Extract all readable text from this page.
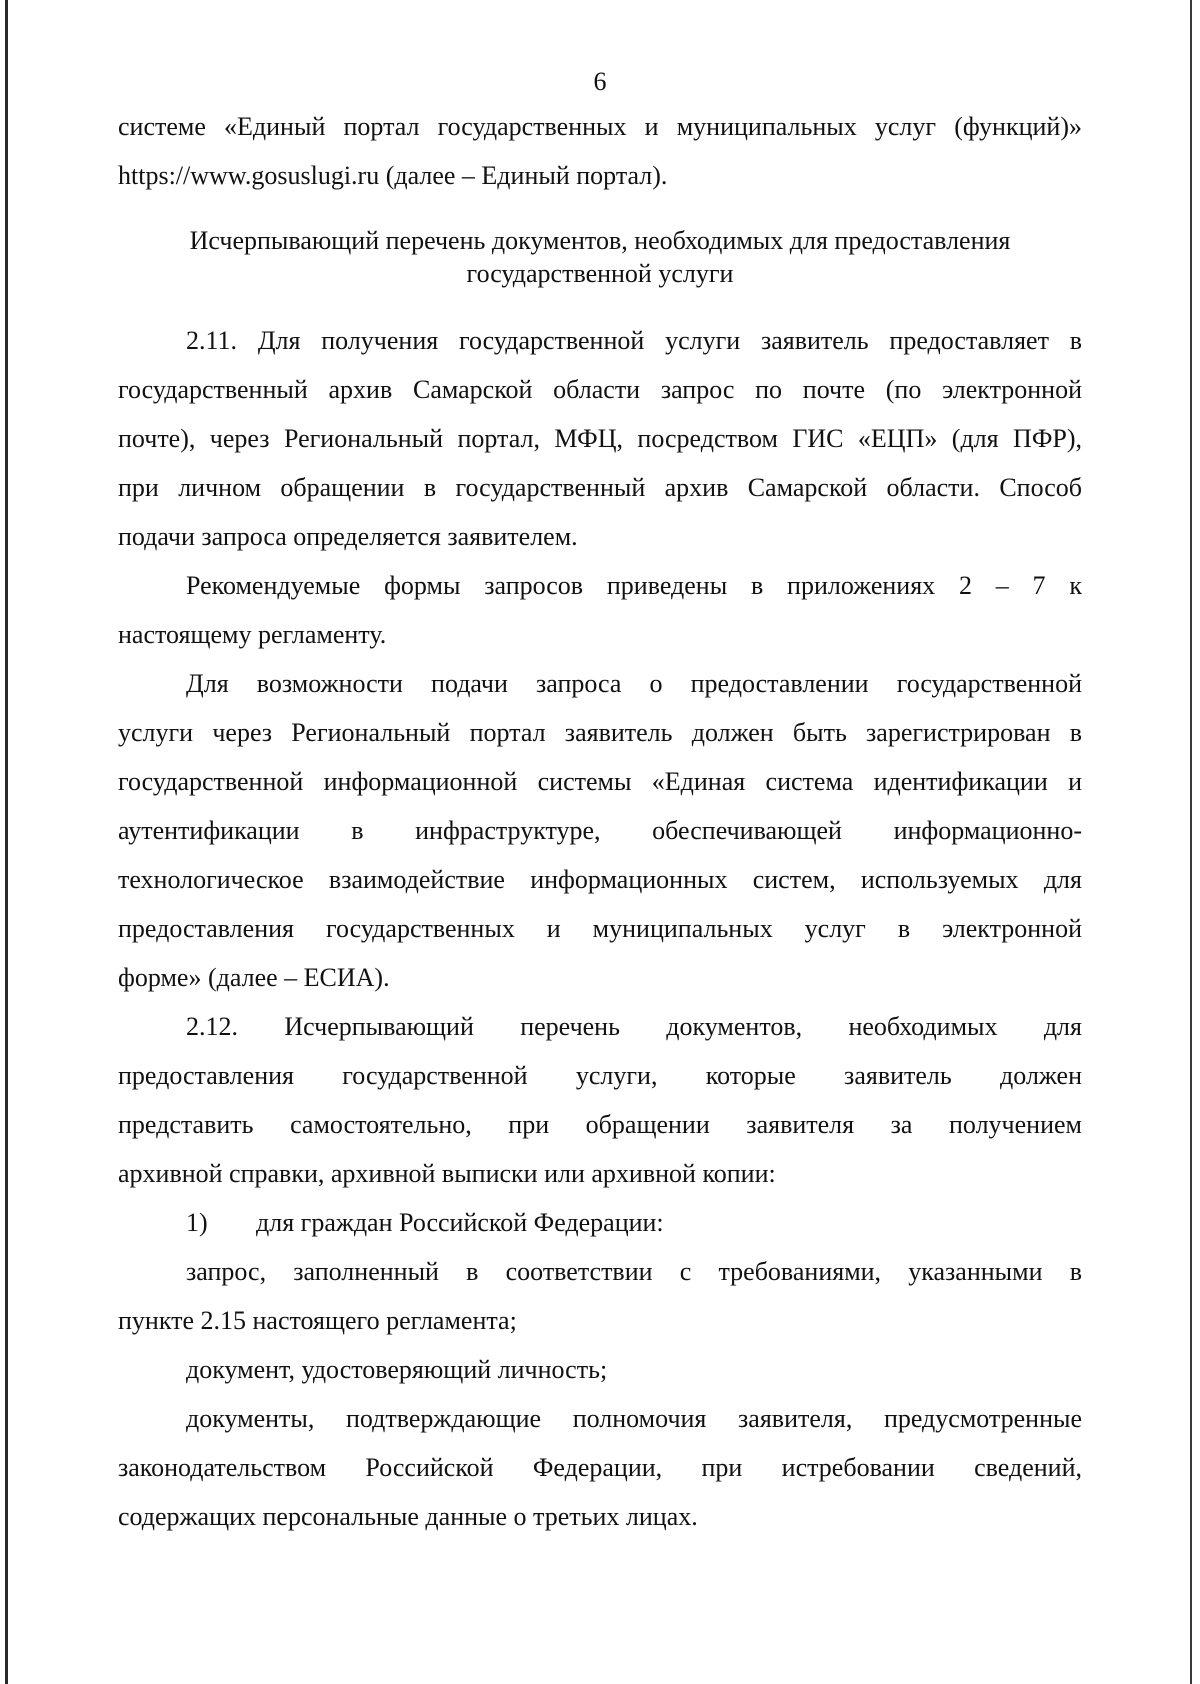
6

системе «Единый портал государственных и муниципальных услуг (функций)»

https://www.gosuslugi.ru (далее – Единый портал).

Исчерпывающий перечень документов, необходимых для предоставления
государственной услуги

2.11. Для получения государственной услуги заявитель предоставляет в

государственный архив Самарской области запрос по почте (по электронной

почте), через Региональный портал, МФЦ, посредством ГИС «ЕЦП» (для ПФР),

при личном обращении в государственный архив Самарской области. Способ

подачи запроса определяется заявителем.

Рекомендуемые формы запросов приведены в приложениях 2 – 7 к

настоящему регламенту.

Для возможности подачи запроса о предоставлении государственной

услуги через Региональный портал заявитель должен быть зарегистрирован в

государственной информационной системы «Единая система идентификации и

аутентификации в инфраструктуре, обеспечивающей информационно-

технологическое взаимодействие информационных систем, используемых для

предоставления государственных и муниципальных услуг в электронной

форме» (далее – ЕСИА).

2.12. Исчерпывающий перечень документов, необходимых для

предоставления государственной услуги, которые заявитель должен

представить самостоятельно, при обращении заявителя за получением

архивной справки, архивной выписки или архивной копии:

1) для граждан Российской Федерации:

запрос, заполненный в соответствии с требованиями, указанными в

пункте 2.15 настоящего регламента;

документ, удостоверяющий личность;

документы, подтверждающие полномочия заявителя, предусмотренные

законодательством Российской Федерации, при истребовании сведений,

содержащих персональные данные о третьих лицах.
